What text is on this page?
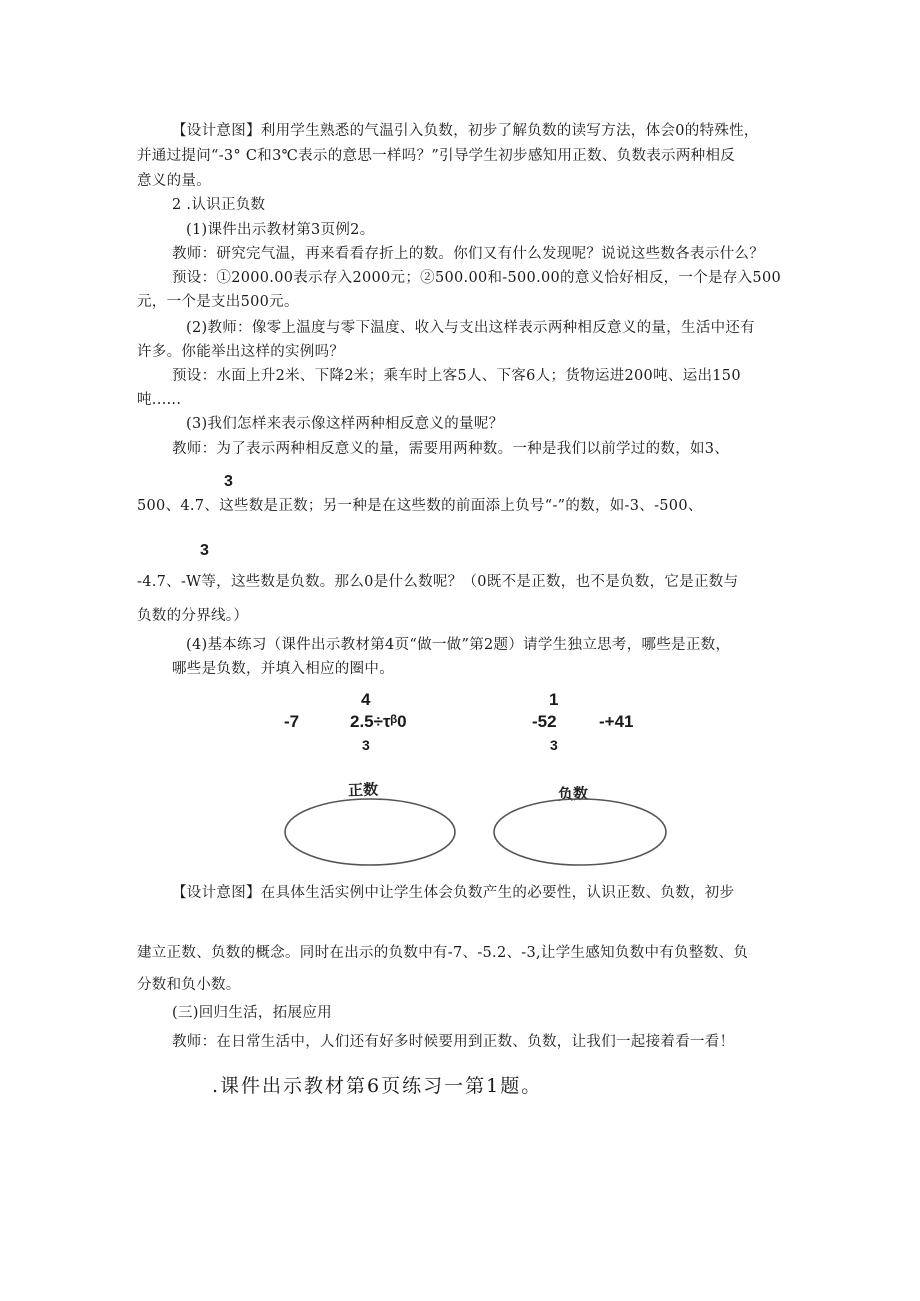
【设计意图】利用学生熟悉的气温引入负数，初步了解负数的读写方法，体会0的特殊性，
并通过提问“-3° C和3℃表示的意思一样吗？”引导学生初步感知用正数、负数表示两种相反
意义的量。
2 .认识正负数
(1)课件出示教材第3页例2。
教师：研究完气温，再来看看存折上的数。你们又有什么发现呢？说说这些数各表示什么？
预设：①2000.00表示存入2000元；②500.00和-500.00的意义恰好相反，一个是存入500
元，一个是支出500元。
(2)教师：像零上温度与零下温度、收入与支出这样表示两种相反意义的量，生活中还有
许多。你能举出这样的实例吗？
预设：水面上升2米、下降2米；乘车时上客5人、下客6人；货物运进200吨、运出150
吨......
(3)我们怎样来表示像这样两种相反意义的量呢？
教师：为了表示两种相反意义的量，需要用两种数。一种是我们以前学过的数，如3、
3
500、4.7、这些数是正数；另一种是在这些数的前面添上负号“-”的数，如-3、-500、
3
-4.7、-W等，这些数是负数。那么0是什么数呢？（0既不是正数，也不是负数，它是正数与
负数的分界线。）
(4)基本练习（课件出示教材第4页“做一做”第2题）请学生独立思考，哪些是正数，
哪些是负数，并填入相应的圈中。
-7
4
2.5÷τᵝ0
3
1
-52
3
-+41
正数	负数
【设计意图】在具体生活实例中让学生体会负数产生的必要性，认识正数、负数，初步
建立正数、负数的概念。同时在出示的负数中有-7、-5.2、-3,让学生感知负数中有负整数、负
分数和负小数。
(三)回归生活，拓展应用
教师：在日常生活中，人们还有好多时候要用到正数、负数，让我们一起接着看一看！
.课件出示教材第6页练习一第1题。
